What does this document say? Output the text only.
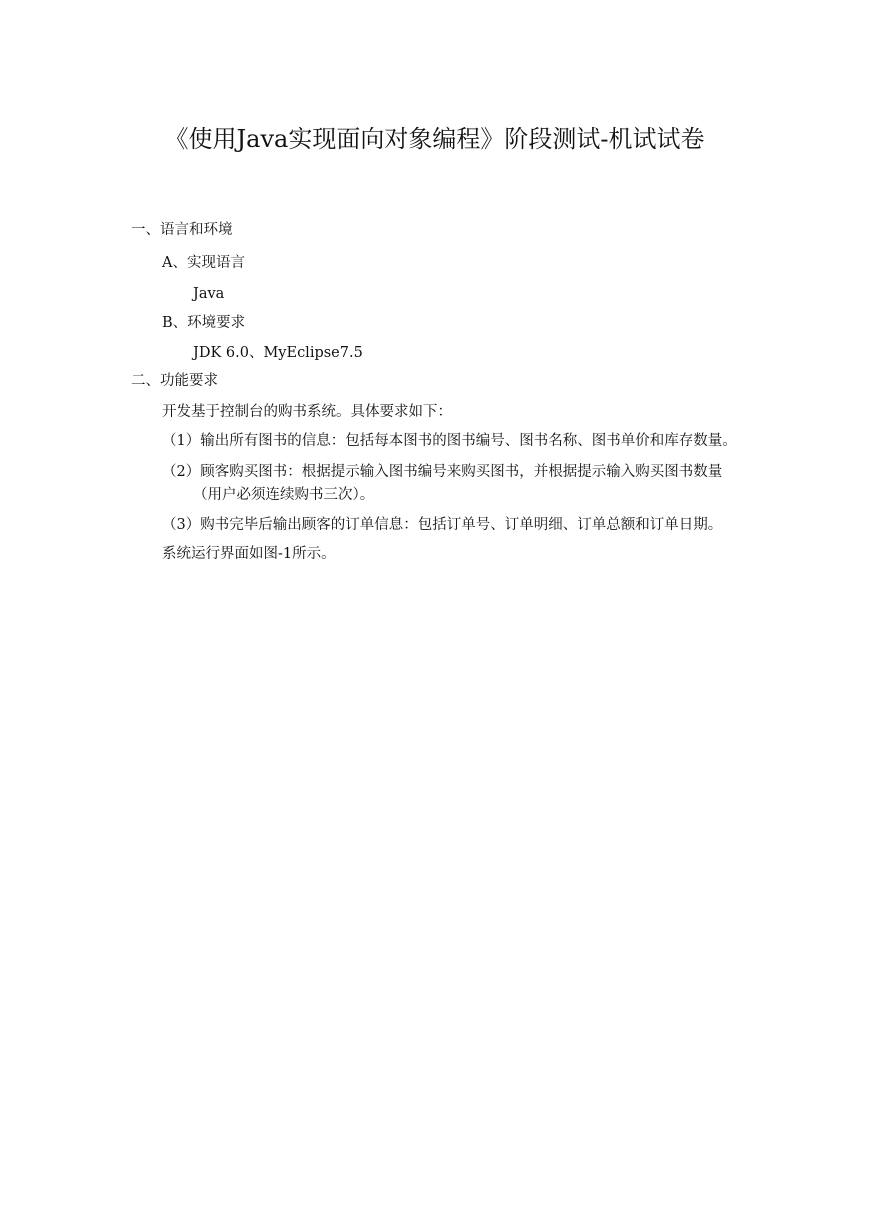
《使用Java实现面向对象编程》阶段测试-机试试卷
一、语言和环境
A、实现语言
Java
B、环境要求
JDK 6.0、MyEclipse7.5
二、功能要求
开发基于控制台的购书系统。具体要求如下：
（1）输出所有图书的信息：包括每本图书的图书编号、图书名称、图书单价和库存数量。
（2）顾客购买图书：根据提示输入图书编号来购买图书，并根据提示输入购买图书数量
（用户必须连续购书三次）。
（3）购书完毕后输出顾客的订单信息：包括订单号、订单明细、订单总额和订单日期。
系统运行界面如图-1所示。
